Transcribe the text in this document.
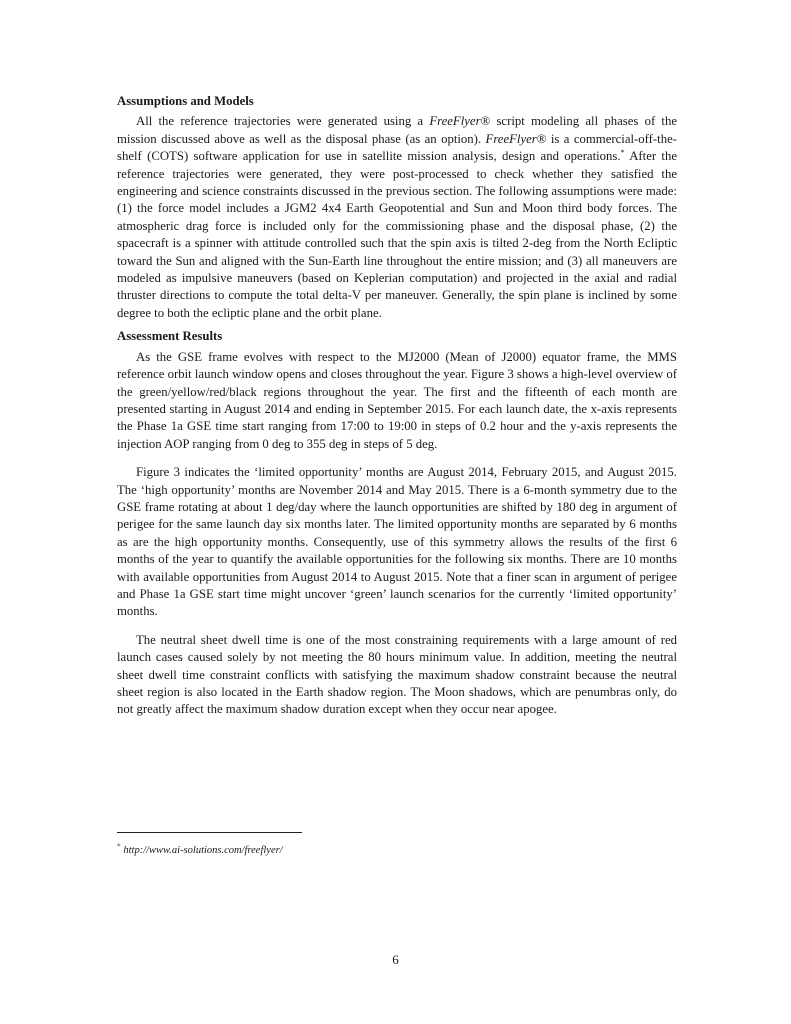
Assumptions and Models

All the reference trajectories were generated using a FreeFlyer® script modeling all phases of the mission discussed above as well as the disposal phase (as an option). FreeFlyer® is a commercial-off-the-shelf (COTS) software application for use in satellite mission analysis, design and operations.* After the reference trajectories were generated, they were post-processed to check whether they satisfied the engineering and science constraints discussed in the previous section. The following assumptions were made: (1) the force model includes a JGM2 4x4 Earth Geopotential and Sun and Moon third body forces. The atmospheric drag force is included only for the commissioning phase and the disposal phase, (2) the spacecraft is a spinner with attitude controlled such that the spin axis is tilted 2-deg from the North Ecliptic toward the Sun and aligned with the Sun-Earth line throughout the entire mission; and (3) all maneuvers are modeled as impulsive maneuvers (based on Keplerian computation) and projected in the axial and radial thruster directions to compute the total delta-V per maneuver. Generally, the spin plane is inclined by some degree to both the ecliptic plane and the orbit plane.

Assessment Results

As the GSE frame evolves with respect to the MJ2000 (Mean of J2000) equator frame, the MMS reference orbit launch window opens and closes throughout the year. Figure 3 shows a high-level overview of the green/yellow/red/black regions throughout the year. The first and the fifteenth of each month are presented starting in August 2014 and ending in September 2015. For each launch date, the x-axis represents the Phase 1a GSE time start ranging from 17:00 to 19:00 in steps of 0.2 hour and the y-axis represents the injection AOP ranging from 0 deg to 355 deg in steps of 5 deg.

Figure 3 indicates the ‘limited opportunity’ months are August 2014, February 2015, and August 2015. The ‘high opportunity’ months are November 2014 and May 2015. There is a 6-month symmetry due to the GSE frame rotating at about 1 deg/day where the launch opportunities are shifted by 180 deg in argument of perigee for the same launch day six months later. The limited opportunity months are separated by 6 months as are the high opportunity months. Consequently, use of this symmetry allows the results of the first 6 months of the year to quantify the available opportunities for the following six months. There are 10 months with available opportunities from August 2014 to August 2015. Note that a finer scan in argument of perigee and Phase 1a GSE start time might uncover ‘green’ launch scenarios for the currently ‘limited opportunity’ months.

The neutral sheet dwell time is one of the most constraining requirements with a large amount of red launch cases caused solely by not meeting the 80 hours minimum value. In addition, meeting the neutral sheet dwell time constraint conflicts with satisfying the maximum shadow constraint because the neutral sheet region is also located in the Earth shadow region. The Moon shadows, which are penumbras only, do not greatly affect the maximum shadow duration except when they occur near apogee.

* http://www.ai-solutions.com/freeflyer/
6
